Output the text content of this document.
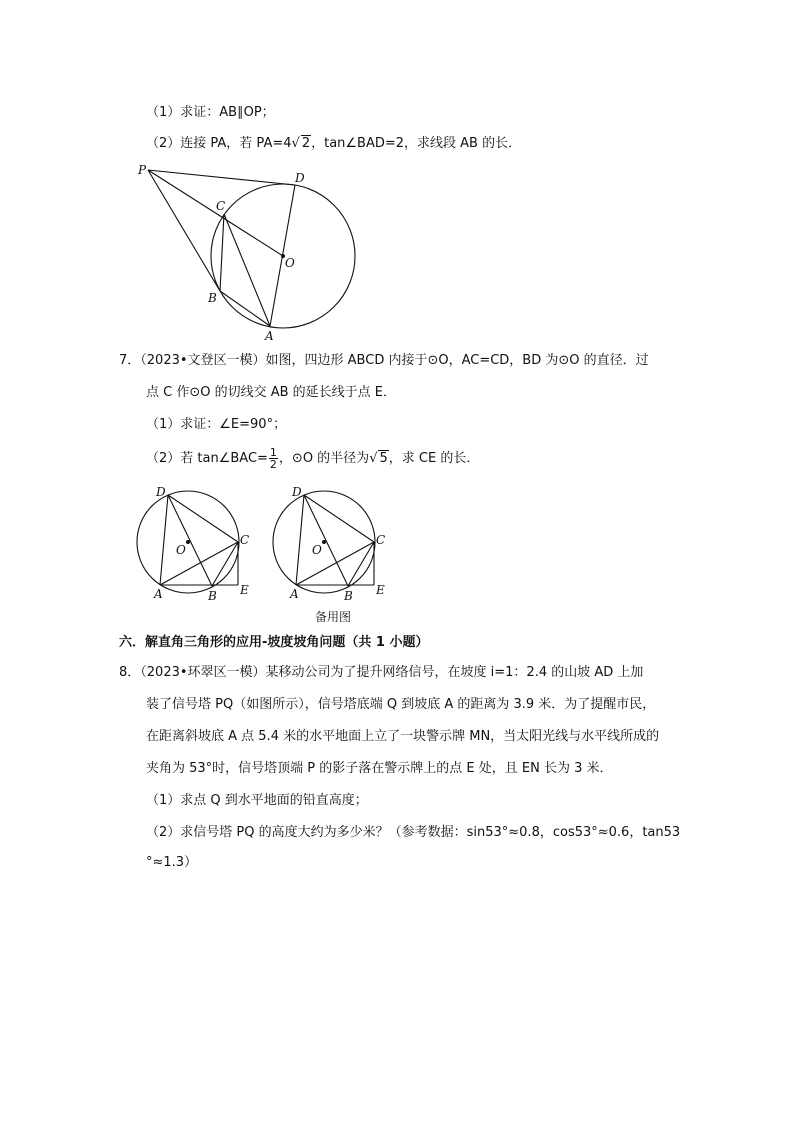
（1）求证：AB∥OP；
（2）连接 PA，若 PA=4√ 2，tan∠BAD=2，求线段 AB 的长．
P
D
C
O
B
A
7．（2023•文登区一模）如图，四边形 ABCD 内接于⊙O，AC=CD，BD 为⊙O 的直径．过
点 C 作⊙O 的切线交 AB 的延长线于点 E．
（1）求证：∠E=90°；
（2）若 tan∠BAC= $\frac{1}{2}$ ，⊙O 的半径为√ 5，求 CE 的长．
D
O
C
A	B E
D
O
C
A	B E
备用图
六．解直角三角形的应用-坡度坡角问题（共 1 小题）
8．（2023•环翠区一模）某移动公司为了提升网络信号，在坡度 i=1：2.4 的山坡 AD 上加
装了信号塔 PQ（如图所示），信号塔底端 Q 到坡底 A 的距离为 3.9 米．为了提醒市民，
在距离斜坡底 A 点 5.4 米的水平地面上立了一块警示牌 MN，当太阳光线与水平线所成的
夹角为 53°时，信号塔顶端 P 的影子落在警示牌上的点 E 处，且 EN 长为 3 米．
（1）求点 Q 到水平地面的铅直高度；
（2）求信号塔 PQ 的高度大约为多少米？（参考数据：sin53°≈0.8，cos53°≈0.6，tan53
°≈1.3）
